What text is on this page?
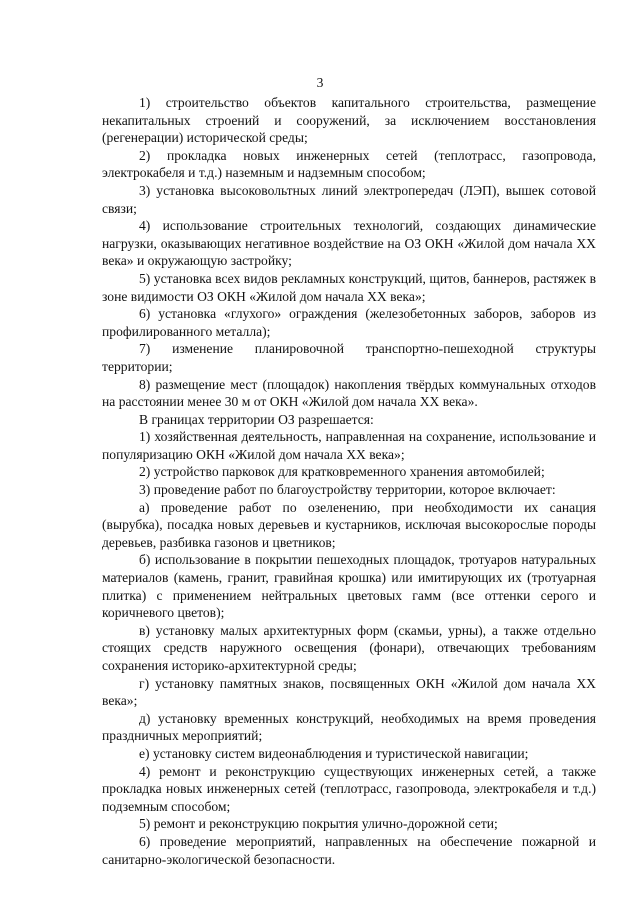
3

1) строительство объектов капитального строительства, размещение некапитальных строений и сооружений, за исключением восстановления (регенерации) исторической среды;

2) прокладка новых инженерных сетей (теплотрасс, газопровода, электрокабеля и т.д.) наземным и надземным способом;

3) установка высоковольтных линий электропередач (ЛЭП), вышек сотовой связи;

4) использование строительных технологий, создающих динамические нагрузки, оказывающих негативное воздействие на ОЗ ОКН «Жилой дом начала XX века» и окружающую застройку;

5) установка всех видов рекламных конструкций, щитов, баннеров, растяжек в зоне видимости ОЗ ОКН «Жилой дом начала XX века»;

6) установка «глухого» ограждения (железобетонных заборов, заборов из профилированного металла);

7) изменение планировочной транспортно-пешеходной структуры территории;

8) размещение мест (площадок) накопления твёрдых коммунальных отходов на расстоянии менее 30 м от ОКН «Жилой дом начала XX века».

В границах территории ОЗ разрешается:

1) хозяйственная деятельность, направленная на сохранение, использование и популяризацию ОКН «Жилой дом начала XX века»;

2) устройство парковок для кратковременного хранения автомобилей;

3) проведение работ по благоустройству территории, которое включает:

а) проведение работ по озеленению, при необходимости их санация (вырубка), посадка новых деревьев и кустарников, исключая высокорослые породы деревьев, разбивка газонов и цветников;

б) использование в покрытии пешеходных площадок, тротуаров натуральных материалов (камень, гранит, гравийная крошка) или имитирующих их (тротуарная плитка) с применением нейтральных цветовых гамм (все оттенки серого и коричневого цветов);

в) установку малых архитектурных форм (скамьи, урны), а также отдельно стоящих средств наружного освещения (фонари), отвечающих требованиям сохранения историко-архитектурной среды;

г) установку памятных знаков, посвященных ОКН «Жилой дом начала XX века»;

д) установку временных конструкций, необходимых на время проведения праздничных мероприятий;

е) установку систем видеонаблюдения и туристической навигации;

4) ремонт и реконструкцию существующих инженерных сетей, а также прокладка новых инженерных сетей (теплотрасс, газопровода, электрокабеля и т.д.) подземным способом;

5) ремонт и реконструкцию покрытия улично-дорожной сети;

6) проведение мероприятий, направленных на обеспечение пожарной и санитарно-экологической безопасности.
